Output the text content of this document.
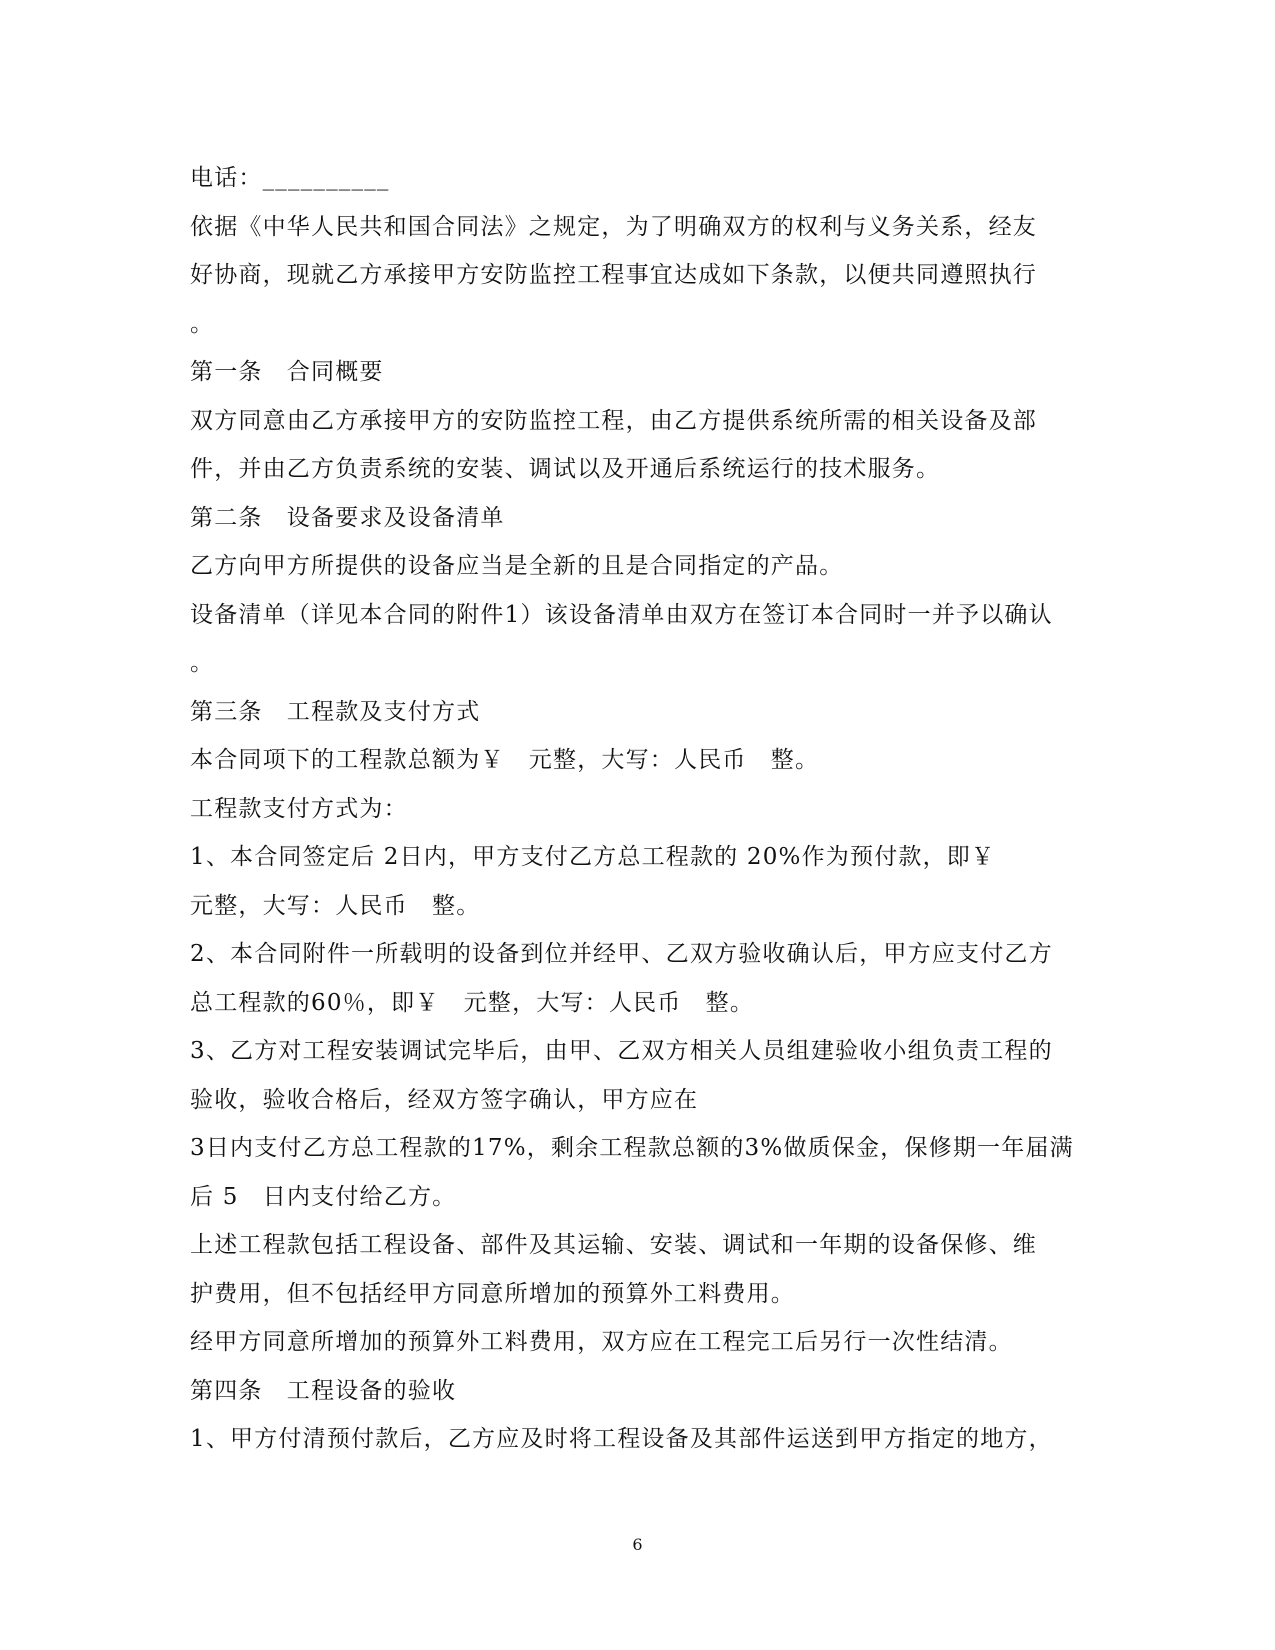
电话：__________
依据《中华人民共和国合同法》之规定，为了明确双方的权利与义务关系，经友
好协商，现就乙方承接甲方安防监控工程事宜达成如下条款，以便共同遵照执行
。
第一条　合同概要
双方同意由乙方承接甲方的安防监控工程，由乙方提供系统所需的相关设备及部
件，并由乙方负责系统的安装、调试以及开通后系统运行的技术服务。
第二条　设备要求及设备清单
乙方向甲方所提供的设备应当是全新的且是合同指定的产品。
设备清单（详见本合同的附件1）该设备清单由双方在签订本合同时一并予以确认
。
第三条　工程款及支付方式
本合同项下的工程款总额为￥　元整，大写：人民币　整。
工程款支付方式为：
1、本合同签定后 2日内，甲方支付乙方总工程款的 20%作为预付款，即￥
元整，大写：人民币　整。
2、本合同附件一所载明的设备到位并经甲、乙双方验收确认后，甲方应支付乙方
总工程款的60％，即￥　元整，大写：人民币　整。
3、乙方对工程安装调试完毕后，由甲、乙双方相关人员组建验收小组负责工程的
验收，验收合格后，经双方签字确认，甲方应在
3日内支付乙方总工程款的17%，剩余工程款总额的3%做质保金，保修期一年届满
后 5　日内支付给乙方。
上述工程款包括工程设备、部件及其运输、安装、调试和一年期的设备保修、维
护费用，但不包括经甲方同意所增加的预算外工料费用。
经甲方同意所增加的预算外工料费用，双方应在工程完工后另行一次性结清。
第四条　工程设备的验收
1、甲方付清预付款后，乙方应及时将工程设备及其部件运送到甲方指定的地方，
6
